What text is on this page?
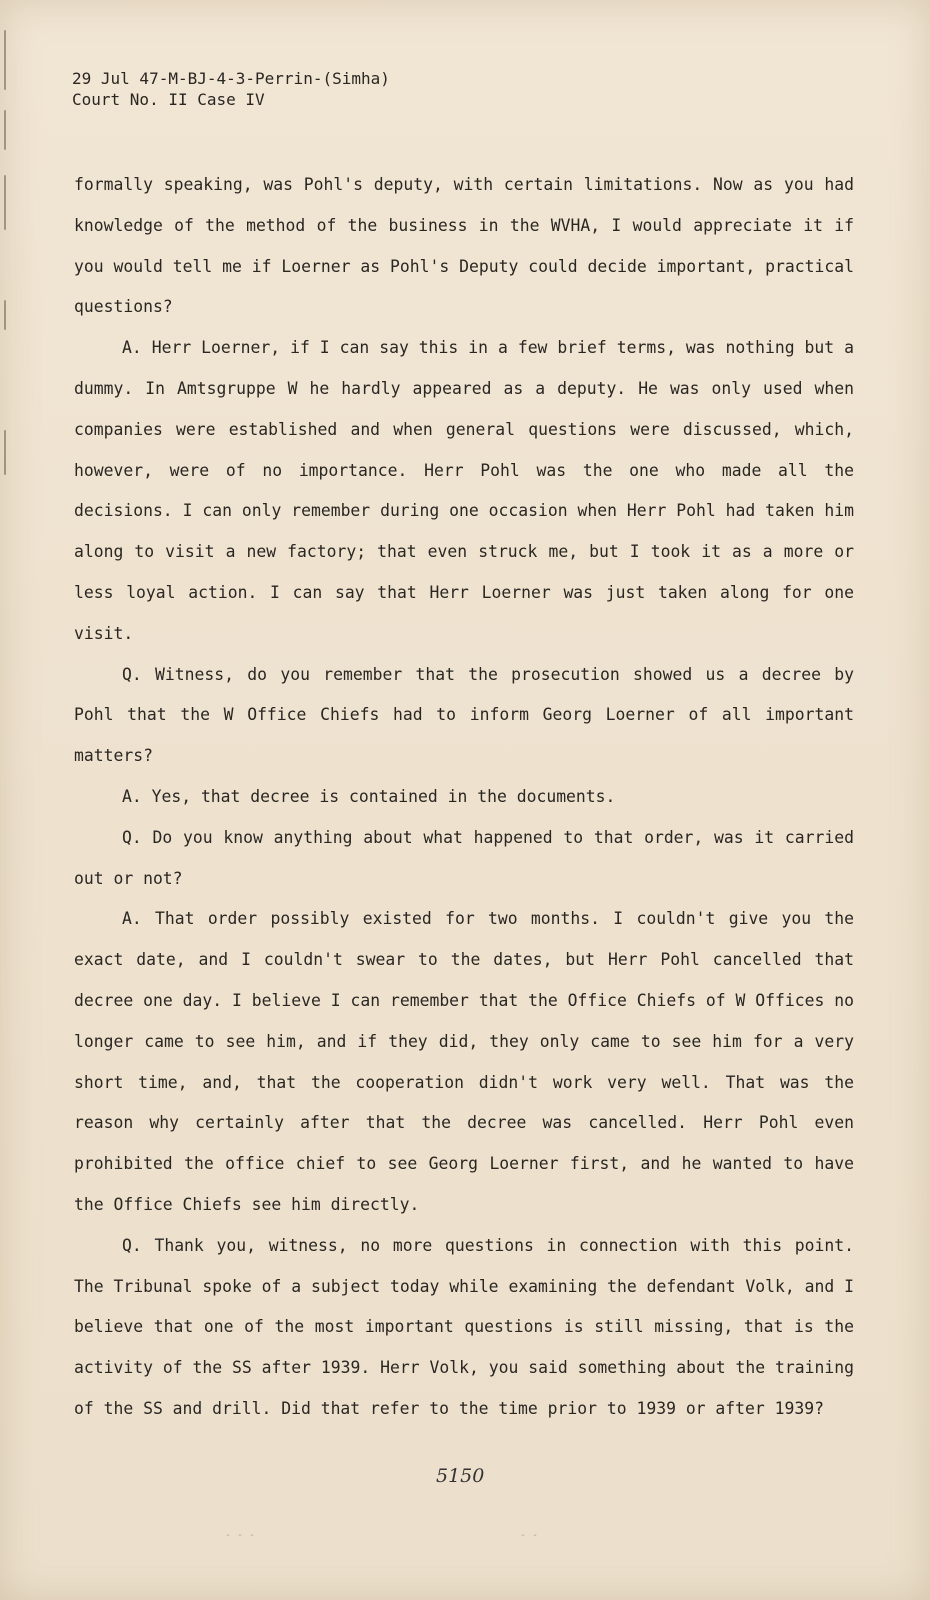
29 Jul 47-M-BJ-4-3-Perrin-(Simha)
Court No. II Case IV

formally speaking, was Pohl's deputy, with certain limitations. Now as you had knowledge of the method of the business in the WVHA, I would appreciate it if you would tell me if Loerner as Pohl's Deputy could decide important, practical questions?

A. Herr Loerner, if I can say this in a few brief terms, was nothing but a dummy. In Amtsgruppe W he hardly appeared as a deputy. He was only used when companies were established and when general questions were discussed, which, however, were of no importance. Herr Pohl was the one who made all the decisions. I can only remember during one occasion when Herr Pohl had taken him along to visit a new factory; that even struck me, but I took it as a more or less loyal action. I can say that Herr Loerner was just taken along for one visit.

Q. Witness, do you remember that the prosecution showed us a decree by Pohl that the W Office Chiefs had to inform Georg Loerner of all important matters?

A. Yes, that decree is contained in the documents.

Q. Do you know anything about what happened to that order, was it carried out or not?

A. That order possibly existed for two months. I couldn't give you the exact date, and I couldn't swear to the dates, but Herr Pohl cancelled that decree one day. I believe I can remember that the Office Chiefs of W Offices no longer came to see him, and if they did, they only came to see him for a very short time, and, that the cooperation didn't work very well. That was the reason why certainly after that the decree was cancelled. Herr Pohl even prohibited the office chief to see Georg Loerner first, and he wanted to have the Office Chiefs see him directly.

Q. Thank you, witness, no more questions in connection with this point. The Tribunal spoke of a subject today while examining the defendant Volk, and I believe that one of the most important questions is still missing, that is the activity of the SS after 1939. Herr Volk, you said something about the training of the SS and drill. Did that refer to the time prior to 1939 or after 1939?

5150
- - -	- -
